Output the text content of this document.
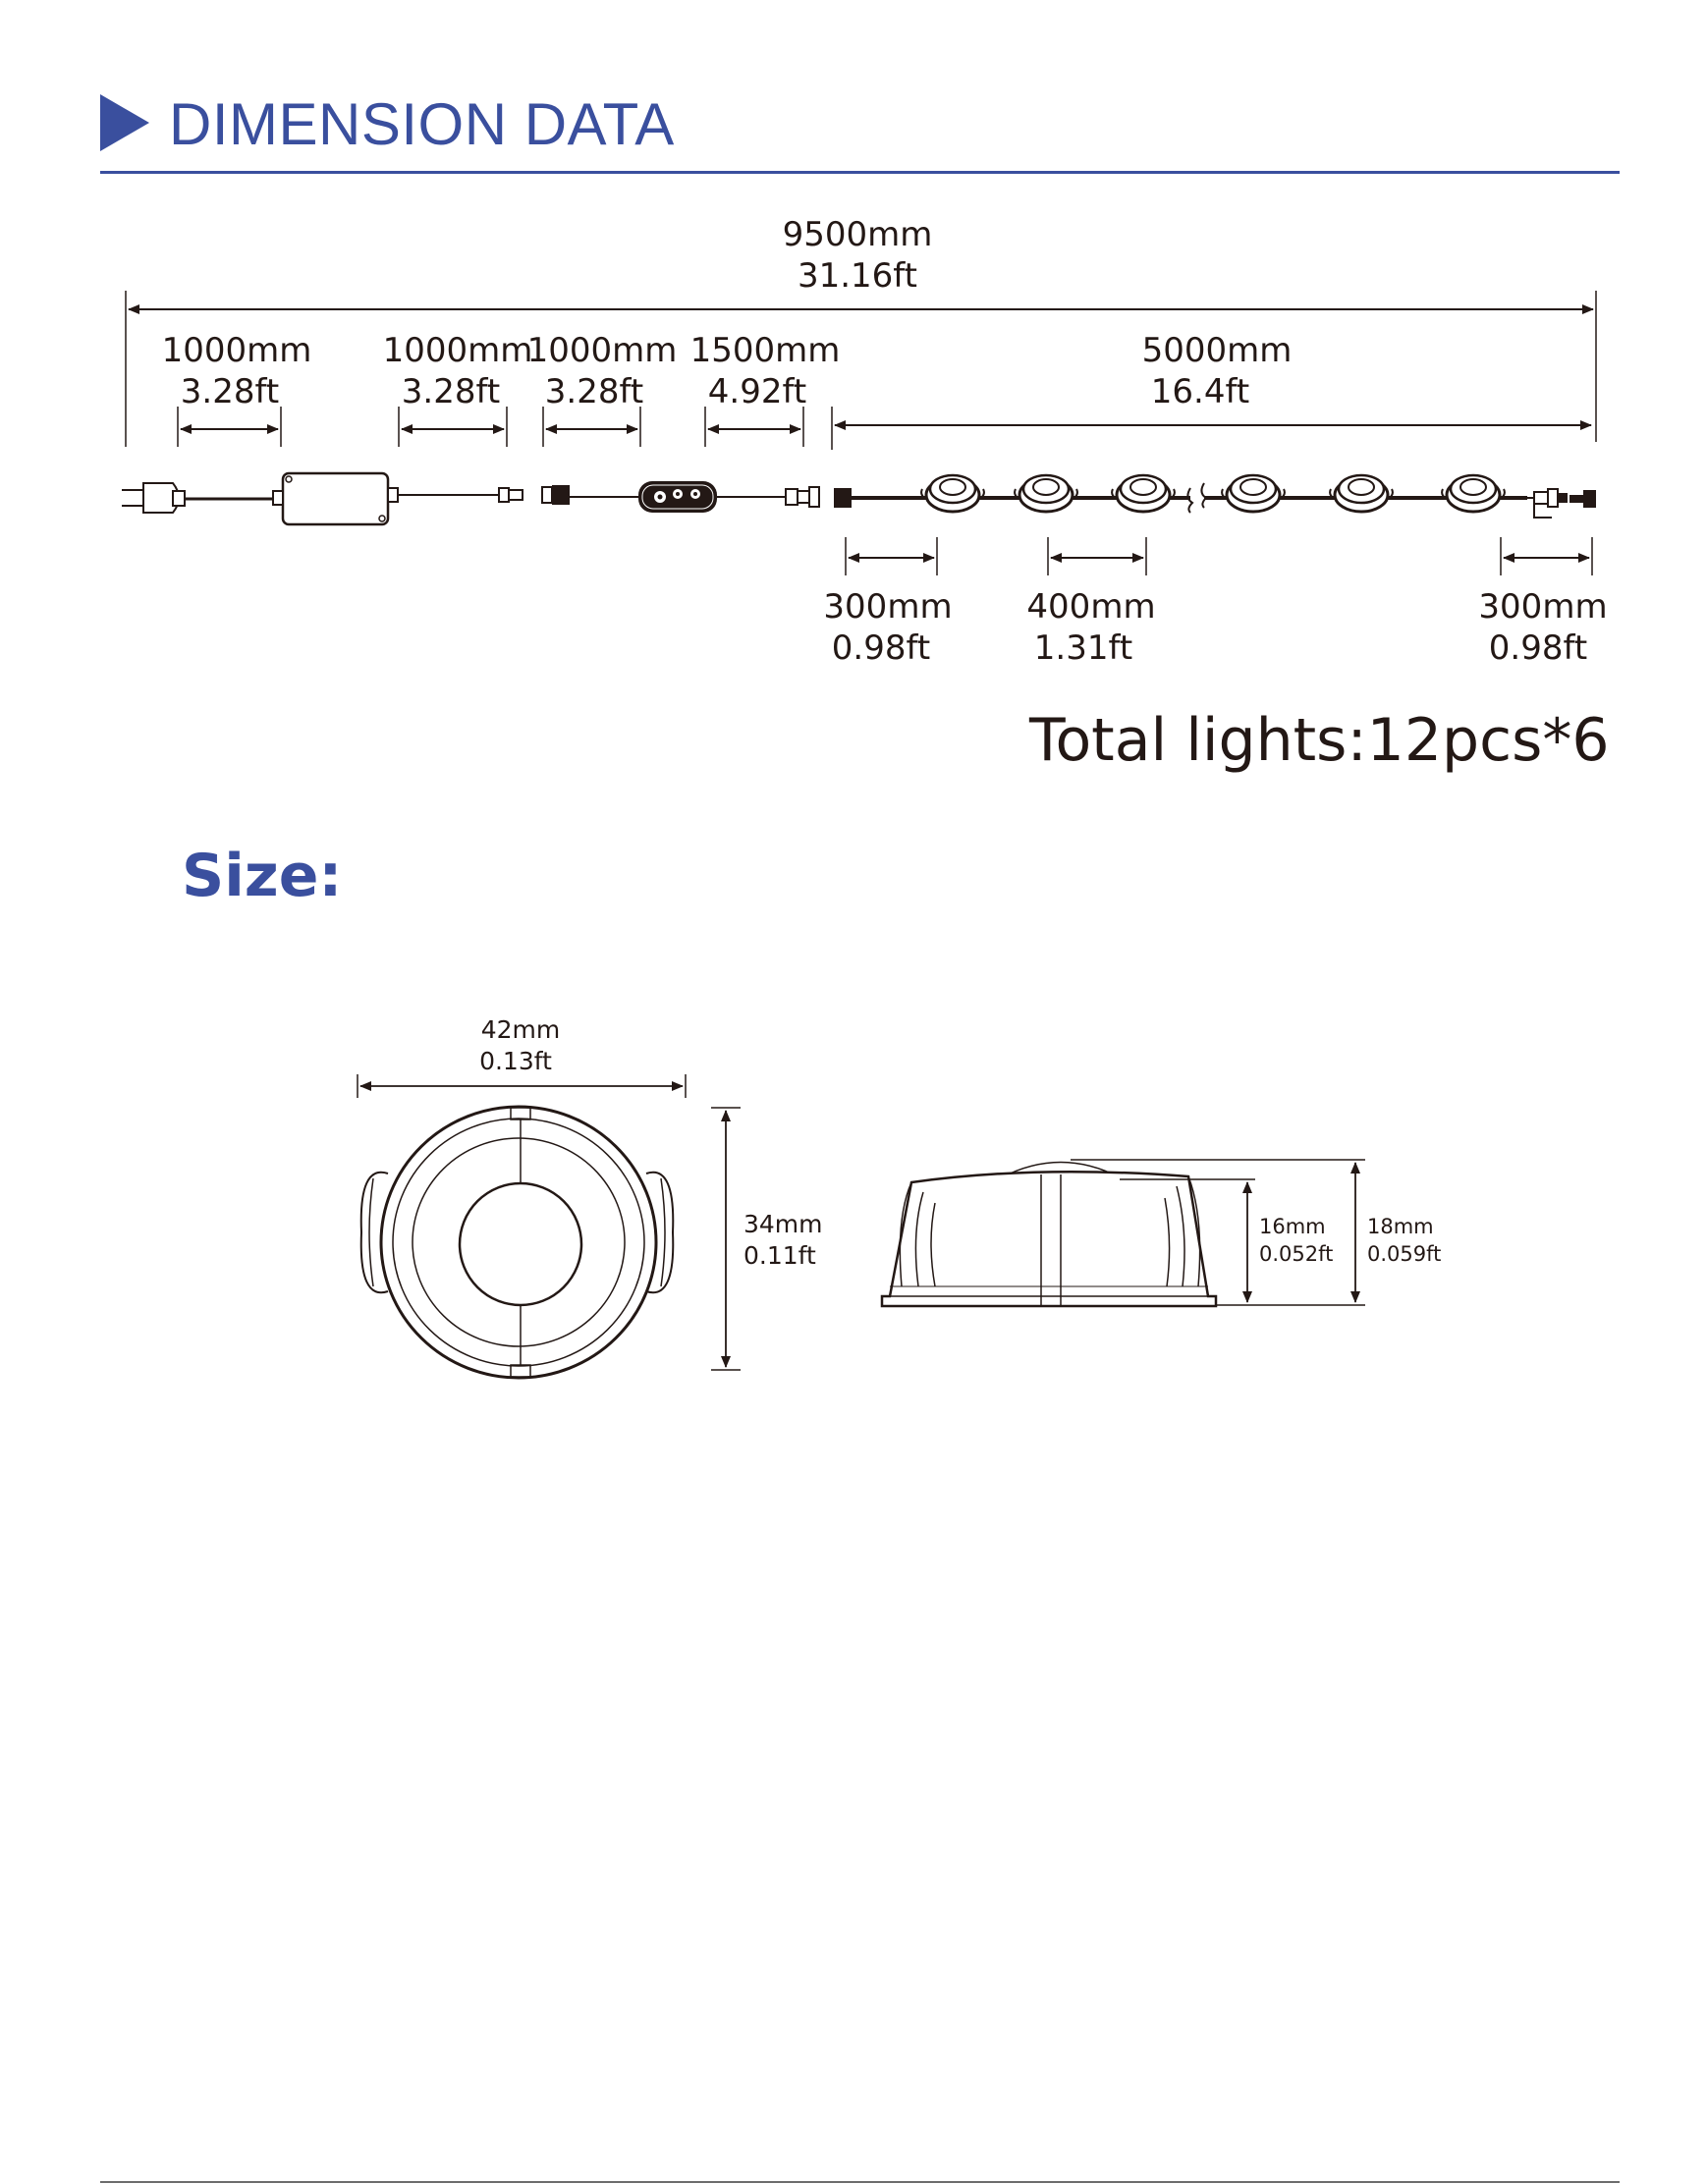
DIMENSION DATA
9500mm
31.16ft
1000mm
3.28ft
1000mm
3.28ft
1000mm
3.28ft
1500mm
4.92ft
5000mm
16.4ft
300mm
0.98ft
400mm
1.31ft
300mm
0.98ft
42mm
0.13ft
34mm
0.11ft
16mm
0.052ft
18mm
0.059ft
Total lights:12pcs*6
Size:
